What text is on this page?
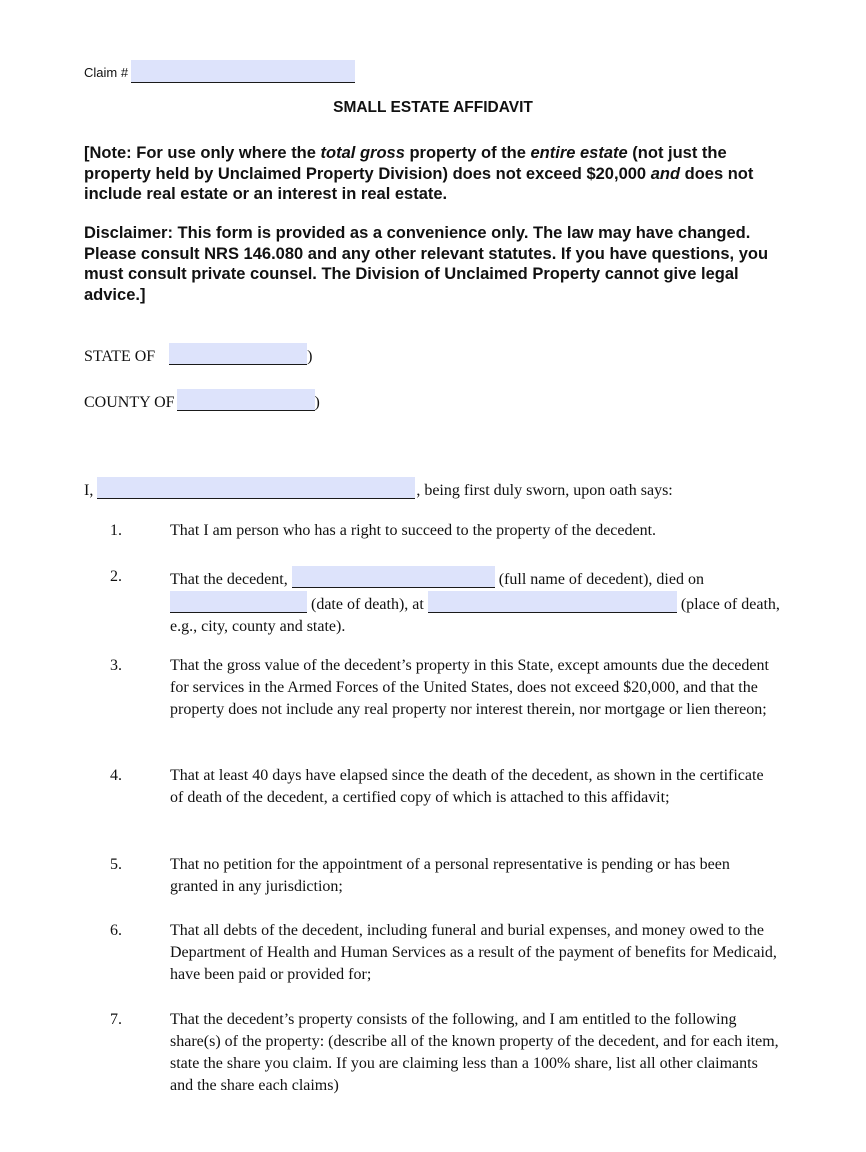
Claim #
SMALL ESTATE AFFIDAVIT
[Note: For use only where the total gross property of the entire estate (not just the property held by Unclaimed Property Division) does not exceed $20,000 and does not include real estate or an interest in real estate.
Disclaimer: This form is provided as a convenience only. The law may have changed. Please consult NRS 146.080 and any other relevant statutes. If you have questions, you must consult private counsel. The Division of Unclaimed Property cannot give legal advice.]
STATE OF	)
COUNTY OF	)
I,	, being first duly sworn, upon oath says:
1.	That I am person who has a right to succeed to the property of the decedent.
2.	That the decedent,	(full name of decedent), died on  (date of death), at	(place of death, e.g., city, county and state).
3.	That the gross value of the decedent’s property in this State, except amounts due the decedent for services in the Armed Forces of the United States, does not exceed $20,000, and that the property does not include any real property nor interest therein, nor mortgage or lien thereon;
4.	That at least 40 days have elapsed since the death of the decedent, as shown in the certificate of death of the decedent, a certified copy of which is attached to this affidavit;
5.	That no petition for the appointment of a personal representative is pending or has been granted in any jurisdiction;
6.	That all debts of the decedent, including funeral and burial expenses, and money owed to the Department of Health and Human Services as a result of the payment of benefits for Medicaid, have been paid or provided for;
7.	That the decedent’s property consists of the following, and I am entitled to the following share(s) of the property: (describe all of the known property of the decedent, and for each item, state the share you claim. If you are claiming less than a 100% share, list all other claimants and the share each claims)
